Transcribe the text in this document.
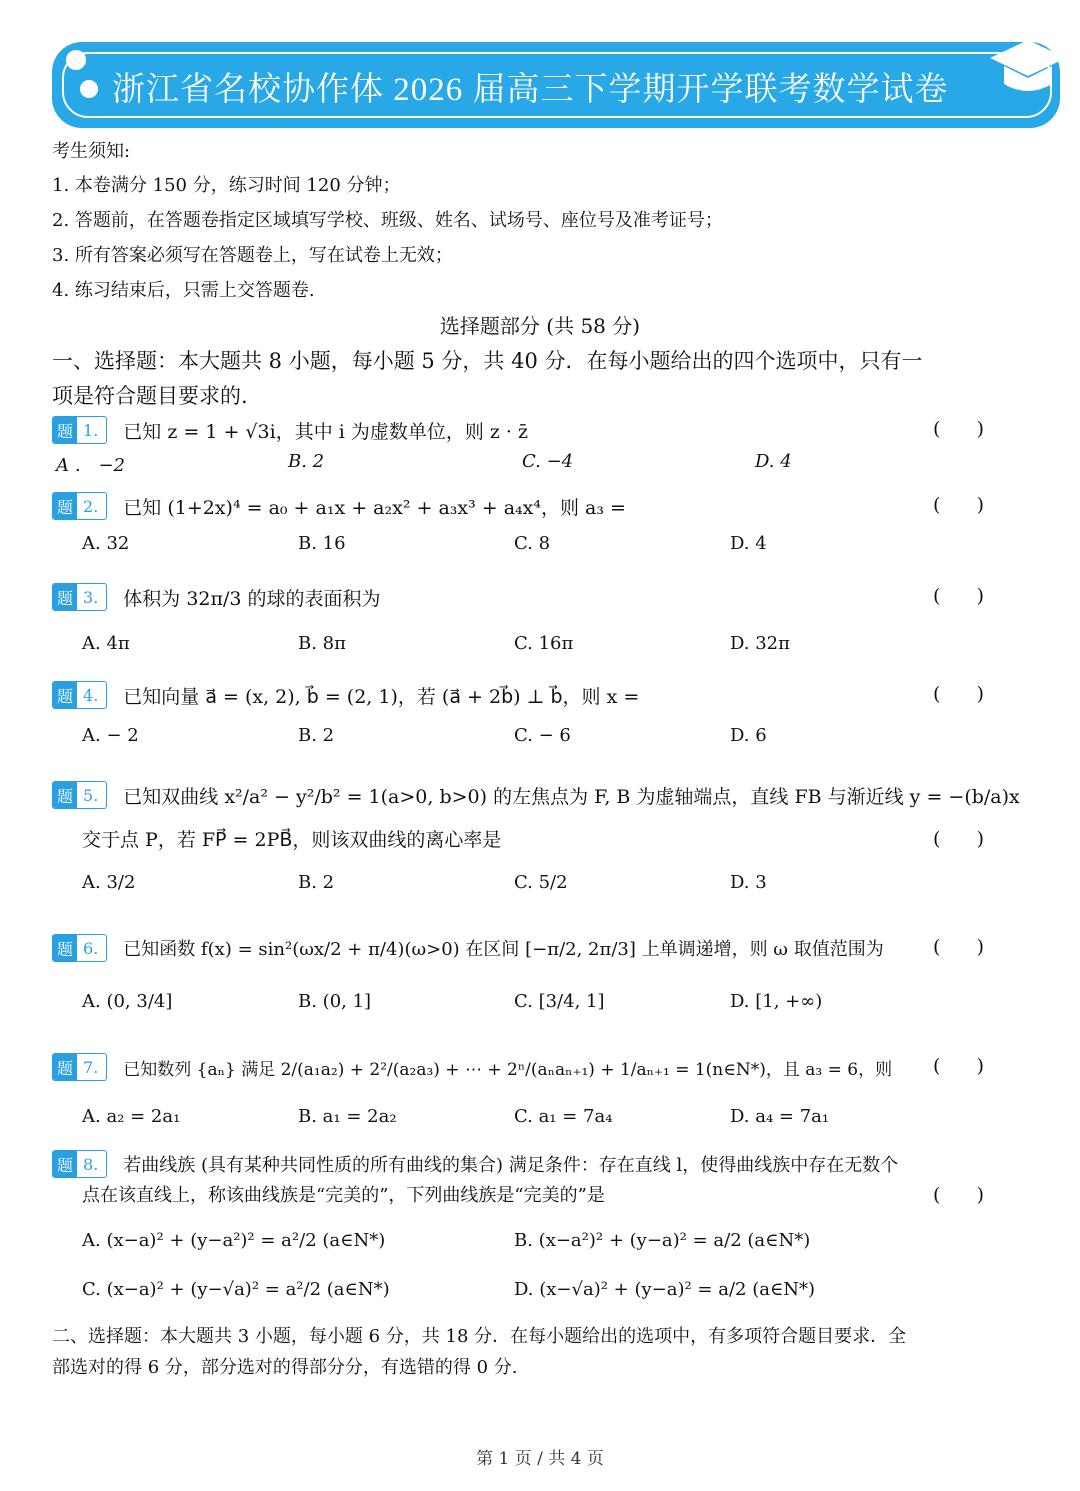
浙江省名校协作体 2026 届高三下学期开学联考数学试卷
考生须知:
1. 本卷满分 150 分，练习时间 120 分钟；
2. 答题前，在答题卷指定区域填写学校、班级、姓名、试场号、座位号及准考证号；
3. 所有答案必须写在答题卷上，写在试卷上无效；
4. 练习结束后，只需上交答题卷.
选择题部分 (共 58 分)
一、选择题：本大题共 8 小题，每小题 5 分，共 40 分．在每小题给出的四个选项中，只有一
项是符合题目要求的.
题 1.	已知 z = 1 + √3i，其中 i 为虚数单位，则 z · z̄	(      )
A ． −2	B. 2	C. −4	D. 4
题 2.	已知 (1+2x)⁴ = a₀ + a₁x + a₂x² + a₃x³ + a₄x⁴，则 a₃ =	(      )
A. 32	B. 16	C. 8	D. 4
题 3.	体积为 32π/3 的球的表面积为	(      )
A. 4π	B. 8π	C. 16π	D. 32π
题 4.	已知向量 a⃗ = (x, 2), b⃗ = (2, 1)，若 (a⃗ + 2b⃗) ⊥ b⃗，则 x =	(      )
A. − 2	B. 2	C. − 6	D. 6
题 5.	已知双曲线 x²/a² − y²/b² = 1(a>0, b>0) 的左焦点为 F, B 为虚轴端点，直线 FB 与渐近线 y = −(b/a)x
交于点 P，若 FP⃗ = 2PB⃗，则该双曲线的离心率是	(      )
A. 3/2	B. 2	C. 5/2	D. 3
题 6.	已知函数 f(x) = sin²(ωx/2 + π/4)(ω>0) 在区间 [−π/2, 2π/3] 上单调递增，则 ω 取值范围为	(      )
A. (0, 3/4]	B. (0, 1]	C. [3/4, 1]	D. [1, +∞)
题 7.	已知数列 {aₙ} 满足 2/(a₁a₂) + 2²/(a₂a₃) + ⋯ + 2ⁿ/(aₙaₙ₊₁) + 1/aₙ₊₁ = 1(n∈N*)，且 a₃ = 6，则 (      )
A. a₂ = 2a₁	B. a₁ = 2a₂	C. a₁ = 7a₄	D. a₄ = 7a₁
题 8.	若曲线族 (具有某种共同性质的所有曲线的集合) 满足条件：存在直线 l，使得曲线族中存在无数个
点在该直线上，称该曲线族是“完美的”，下列曲线族是“完美的”是	(      )
A. (x−a)² + (y−a²)² = a²/2 (a∈N*)	B. (x−a²)² + (y−a)² = a/2 (a∈N*)
C. (x−a)² + (y−√a)² = a²/2 (a∈N*)	D. (x−√a)² + (y−a)² = a/2 (a∈N*)
二、选择题：本大题共 3 小题，每小题 6 分，共 18 分．在每小题给出的选项中，有多项符合题目要求．全
部选对的得 6 分，部分选对的得部分分，有选错的得 0 分.
第 1 页 / 共 4 页
